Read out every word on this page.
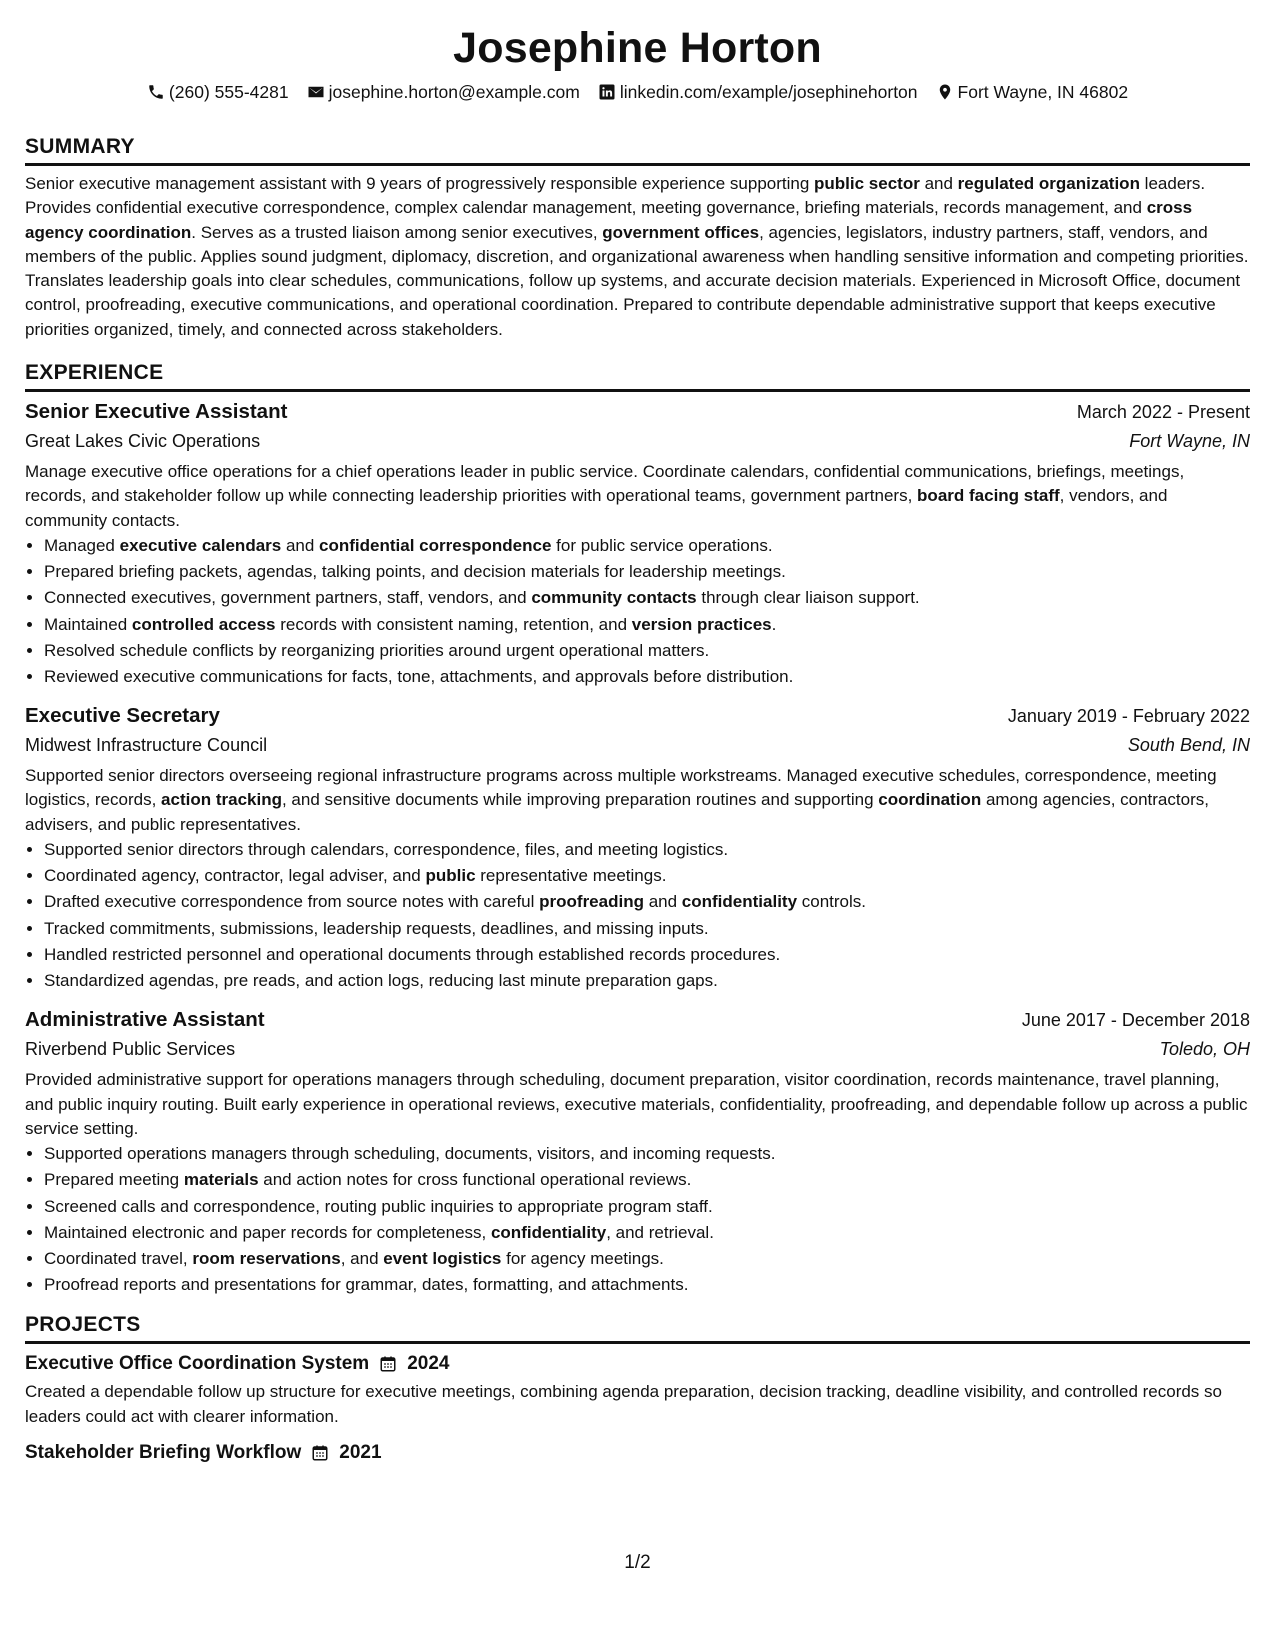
Josephine Horton
(260) 555-4281 josephine.horton@example.com linkedin.com/example/josephinehorton Fort Wayne, IN 46802
SUMMARY

Senior executive management assistant with 9 years of progressively responsible experience supporting public sector and regulated organization leaders. Provides confidential executive correspondence, complex calendar management, meeting governance, briefing materials, records management, and cross agency coordination. Serves as a trusted liaison among senior executives, government offices, agencies, legislators, industry partners, staff, vendors, and members of the public. Applies sound judgment, diplomacy, discretion, and organizational awareness when handling sensitive information and competing priorities. Translates leadership goals into clear schedules, communications, follow up systems, and accurate decision materials. Experienced in Microsoft Office, document control, proofreading, executive communications, and operational coordination. Prepared to contribute dependable administrative support that keeps executive priorities organized, timely, and connected across stakeholders.

EXPERIENCE
Senior Executive Assistant	March 2022 - Present
Great Lakes Civic Operations	Fort Wayne, IN

Manage executive office operations for a chief operations leader in public service. Coordinate calendars, confidential communications, briefings, meetings, records, and stakeholder follow up while connecting leadership priorities with operational teams, government partners, board facing staff, vendors, and community contacts.

• Managed executive calendars and confidential correspondence for public service operations.
• Prepared briefing packets, agendas, talking points, and decision materials for leadership meetings.
• Connected executives, government partners, staff, vendors, and community contacts through clear liaison support.
• Maintained controlled access records with consistent naming, retention, and version practices.
• Resolved schedule conflicts by reorganizing priorities around urgent operational matters.
• Reviewed executive communications for facts, tone, attachments, and approvals before distribution.
Executive Secretary	January 2019 - February 2022
Midwest Infrastructure Council	South Bend, IN

Supported senior directors overseeing regional infrastructure programs across multiple workstreams. Managed executive schedules, correspondence, meeting logistics, records, action tracking, and sensitive documents while improving preparation routines and supporting coordination among agencies, contractors, advisers, and public representatives.

• Supported senior directors through calendars, correspondence, files, and meeting logistics.
• Coordinated agency, contractor, legal adviser, and public representative meetings.
• Drafted executive correspondence from source notes with careful proofreading and confidentiality controls.
• Tracked commitments, submissions, leadership requests, deadlines, and missing inputs.
• Handled restricted personnel and operational documents through established records procedures.
• Standardized agendas, pre reads, and action logs, reducing last minute preparation gaps.
Administrative Assistant	June 2017 - December 2018
Riverbend Public Services	Toledo, OH

Provided administrative support for operations managers through scheduling, document preparation, visitor coordination, records maintenance, travel planning, and public inquiry routing. Built early experience in operational reviews, executive materials, confidentiality, proofreading, and dependable follow up across a public service setting.

• Supported operations managers through scheduling, documents, visitors, and incoming requests.
• Prepared meeting materials and action notes for cross functional operational reviews.
• Screened calls and correspondence, routing public inquiries to appropriate program staff.
• Maintained electronic and paper records for completeness, confidentiality, and retrieval.
• Coordinated travel, room reservations, and event logistics for agency meetings.
• Proofread reports and presentations for grammar, dates, formatting, and attachments.
PROJECTS
Executive Office Coordination System 2024

Created a dependable follow up structure for executive meetings, combining agenda preparation, decision tracking, deadline visibility, and controlled records so leaders could act with clearer information.

Stakeholder Briefing Workflow 2021
1/2
